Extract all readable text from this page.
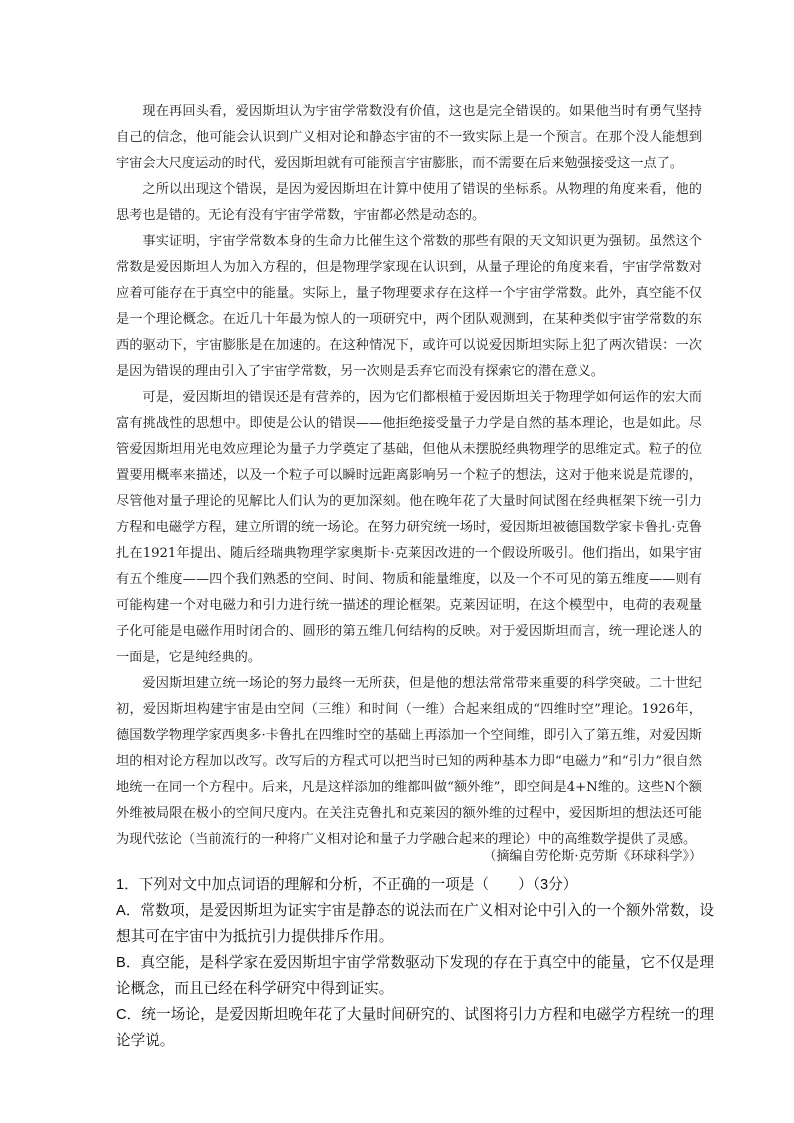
现在再回头看，爱因斯坦认为宇宙学常数没有价值，这也是完全错误的。如果他当时有勇气坚持自己的信念，他可能会认识到广义相对论和静态宇宙的不一致实际上是一个预言。在那个没人能想到宇宙会大尺度运动的时代，爱因斯坦就有可能预言宇宙膨胀，而不需要在后来勉强接受这一点了。

之所以出现这个错误，是因为爱因斯坦在计算中使用了错误的坐标系。从物理的角度来看，他的思考也是错的。无论有没有宇宙学常数，宇宙都必然是动态的。

事实证明，宇宙学常数本身的生命力比催生这个常数的那些有限的天文知识更为强韧。虽然这个常数是爱因斯坦人为加入方程的，但是物理学家现在认识到，从量子理论的角度来看，宇宙学常数对应着可能存在于真空中的能量。实际上，量子物理要求存在这样一个宇宙学常数。此外，真空能不仅是一个理论概念。在近几十年最为惊人的一项研究中，两个团队观测到，在某种类似宇宙学常数的东西的驱动下，宇宙膨胀是在加速的。在这种情况下，或许可以说爱因斯坦实际上犯了两次错误：一次是因为错误的理由引入了宇宙学常数，另一次则是丢弃它而没有探索它的潜在意义。

可是，爱因斯坦的错误还是有营养的，因为它们都根植于爱因斯坦关于物理学如何运作的宏大而富有挑战性的思想中。即使是公认的错误——他拒绝接受量子力学是自然的基本理论，也是如此。尽管爱因斯坦用光电效应理论为量子力学奠定了基础，但他从未摆脱经典物理学的思维定式。粒子的位置要用概率来描述，以及一个粒子可以瞬时远距离影响另一个粒子的想法，这对于他来说是荒谬的，尽管他对量子理论的见解比人们认为的更加深刻。他在晚年花了大量时间试图在经典框架下统一引力方程和电磁学方程，建立所谓的统一场论。在努力研究统一场时，爱因斯坦被德国数学家卡鲁扎·克鲁扎在1921年提出、随后经瑞典物理学家奥斯卡·克莱因改进的一个假设所吸引。他们指出，如果宇宙有五个维度——四个我们熟悉的空间、时间、物质和能量维度，以及一个不可见的第五维度——则有可能构建一个对电磁力和引力进行统一描述的理论框架。克莱因证明，在这个模型中，电荷的表观量子化可能是电磁作用时闭合的、圆形的第五维几何结构的反映。对于爱因斯坦而言，统一理论迷人的一面是，它是纯经典的。

爱因斯坦建立统一场论的努力最终一无所获，但是他的想法常常带来重要的科学突破。二十世纪初，爱因斯坦构建宇宙是由空间（三维）和时间（一维）合起来组成的“四维时空”理论。1926年，德国数学物理学家西奥多·卡鲁扎在四维时空的基础上再添加一个空间维，即引入了第五维，对爱因斯坦的相对论方程加以改写。改写后的方程式可以把当时已知的两种基本力即“电磁力”和“引力”很自然地统一在同一个方程中。后来，凡是这样添加的维都叫做“额外维”，即空间是4+N维的。这些N个额外维被局限在极小的空间尺度内。在关注克鲁扎和克莱因的额外维的过程中，爱因斯坦的想法还可能为现代弦论（当前流行的一种将广义相对论和量子力学融合起来的理论）中的高维数学提供了灵感。

（摘编自劳伦斯·克劳斯《环球科学》）
1．下列对文中加点词语的理解和分析，不正确的一项是（　　）（3分）
A．常数项，是爱因斯坦为证实宇宙是静态的说法而在广义相对论中引入的一个额外常数，设想其可在宇宙中为抵抗引力提供排斥作用。
B．真空能，是科学家在爱因斯坦宇宙学常数驱动下发现的存在于真空中的能量，它不仅是理论概念，而且已经在科学研究中得到证实。
C．统一场论，是爱因斯坦晚年花了大量时间研究的、试图将引力方程和电磁学方程统一的理论学说。
